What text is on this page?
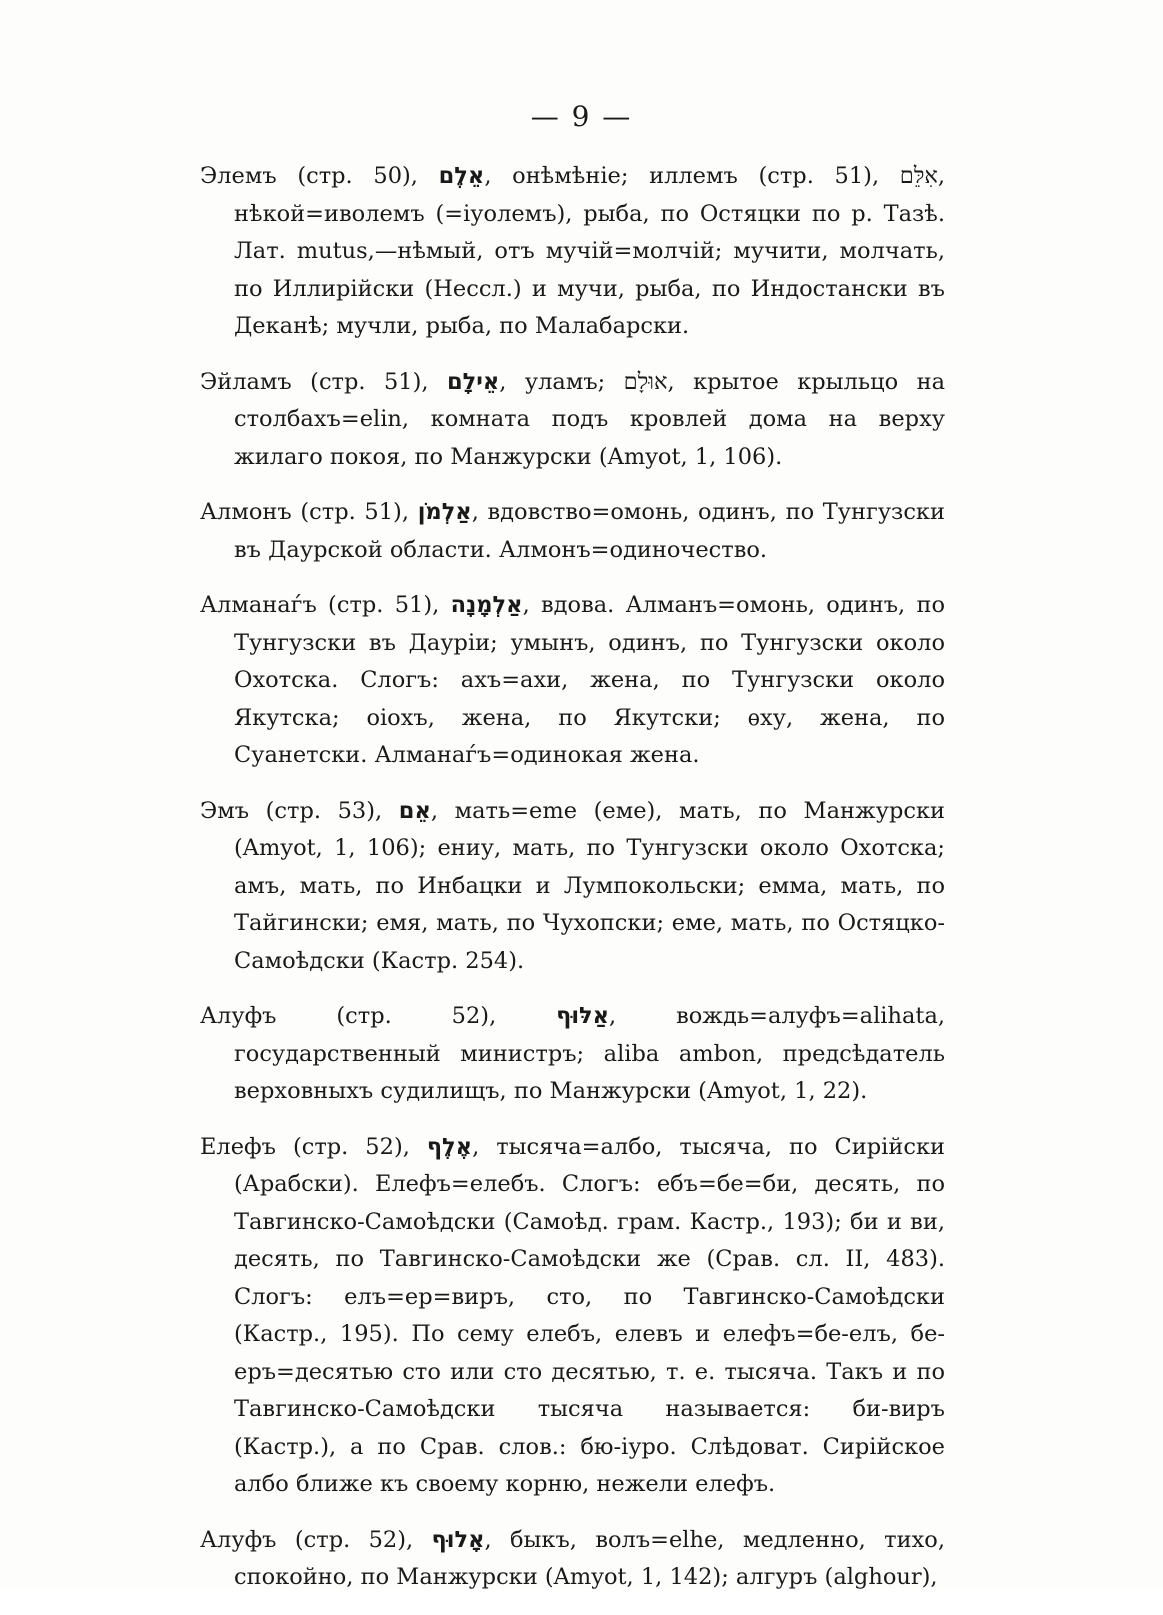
— 9 —

Элемъ (стр. 50), אֵלֶם, онѣмѣніе; иллемъ (стр. 51), אִלֵּם, нѣкой=иволемъ (=іуолемъ), рыба, по Остяцки по р. Тазѣ. Лат. mutus,—нѣмый, отъ мучій=молчій; мучити, молчать, по Иллирійски (Нессл.) и мучи, рыба, по Индостански въ Деканѣ; мучли, рыба, по Малабарски.

Эйламъ (стр. 51), אֵילָם, уламъ; אוּלָם, крытое крыльцо на столбахъ=elin, комната подъ кровлей дома на верху жилаго покоя, по Манжурски (Amyot, 1, 106).

Алмонъ (стр. 51), אַלְמֹן, вдовство=омонь, одинъ, по Тунгузски въ Даурской области. Алмонъ=одиночество.

Алманаѓъ (стр. 51), אַלְמָנָה, вдова. Алманъ=омонь, одинъ, по Тунгузски въ Дауріи; умынъ, одинъ, по Тунгузски около Охотска. Слогъ: ахъ=ахи, жена, по Тунгузски около Якутска; оіохъ, жена, по Якутски; ѳху, жена, по Суанетски. Алманаѓъ=одинокая жена.

Эмъ (стр. 53), אֵם, мать=eme (еме), мать, по Манжурски (Amyot, 1, 106); ениу, мать, по Тунгузски около Охотска; амъ, мать, по Инбацки и Лумпокольски; емма, мать, по Тайгински; емя, мать, по Чухопски; еме, мать, по Остяцко-Самоѣдски (Кастр. 254).

Алуфъ (стр. 52),	אַלּוּף, вождь=алуфъ=alihata, государственный министръ; aliba ambon, предсѣдатель верховныхъ судилищъ, по Манжурски (Amyot, 1, 22).

Елефъ (стр. 52), אֶלֶף, тысяча=албо, тысяча, по Сирійски (Арабски). Елефъ=елебъ. Слогъ: ебъ=бе=би, десять, по Тавгинско-Самоѣдски (Самоѣд. грам. Кастр., 193); би и ви, десять, по Тавгинско-Самоѣдски же (Срав. сл. II, 483). Слогъ: елъ=ер=виръ, сто, по Тавгинско-Самоѣдски (Кастр., 195). По сему елебъ, елевъ и елефъ=бе-елъ, бе-еръ=десятью сто или сто десятью, т. е. тысяча. Такъ и по Тавгинско-Самоѣдски тысяча называется: би-виръ (Кастр.), а по Срав. слов.: бю-іуро. Слѣдоват. Сирійское албо ближе къ своему корню, нежели елефъ.

Алуфъ (стр. 52), אָלוּף, быкъ, волъ=elhe, медленно, тихо, спокойно, по Манжурски (Amyot, 1, 142); алгуръ (alghour),
